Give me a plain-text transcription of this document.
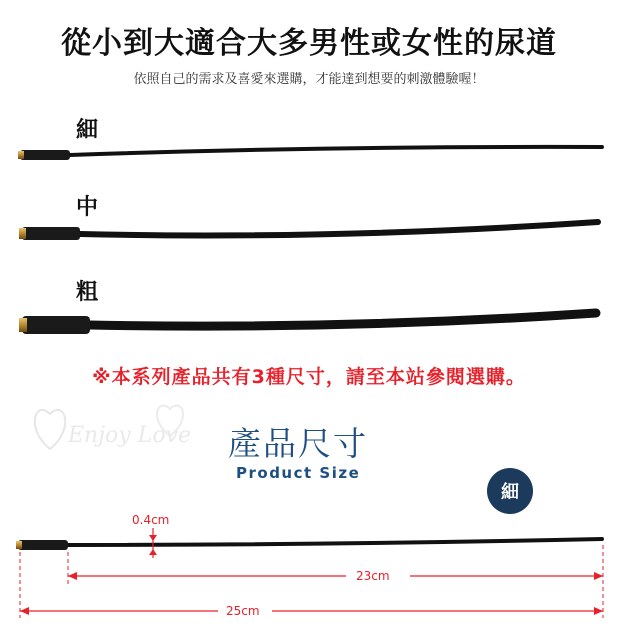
從小到大適合大多男性或女性的尿道
依照自己的需求及喜愛來選購，才能達到想要的刺激體驗喔！
細
中
粗
0.4cm
23cm
25cm
※本系列產品共有3種尺寸，請至本站參閱選購。
Enjoy Love 產品尺寸
Product Size
細
